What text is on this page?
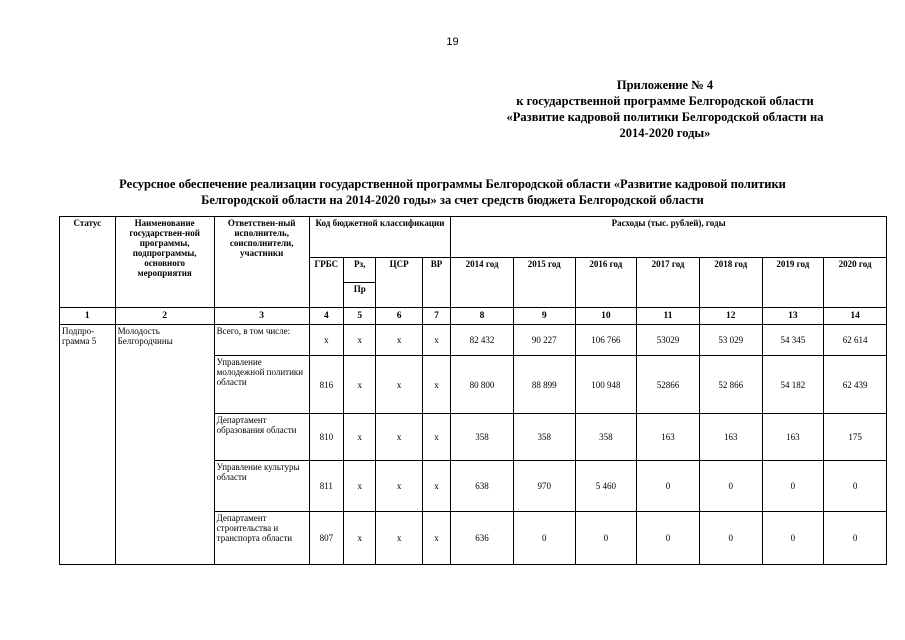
19
Приложение № 4
к государственной программе Белгородской области
«Развитие кадровой политики Белгородской области на
2014-2020 годы»
Ресурсное обеспечение реализации государственной программы Белгородской области «Развитие кадровой политики
Белгородской области на 2014-2020 годы» за счет средств бюджета Белгородской области
Статус	Наименование государствен-ной программы, подпрограммы, основного мероприятия	Ответствен-ный исполнитель, соисполнители, участники	Код бюджетной классификации				Расходы (тыс. рублей), годы						
			ГРБС	Рз,	ЦСР	ВР	2014 год	2015 год	2016 год	2017 год	2018 год	2019 год	2020 год
				Пр									
1	2	3	4	5	6	7	8	9	10	11	12	13	14
Подпро-грамма 5	Молодость Белгородчины	Всего, в том числе:	x	x	x	x	82 432	90 227	106 766	53029	53 029	54 345	62 614
		Управление молодежной политики области	816	x	x	x	80 800	88 899	100 948	52866	52 866	54 182	62 439
		Департамент образования области	810	x	x	x	358	358	358	163	163	163	175
		Управление культуры области	811	x	x	x	638	970	5 460	0	0	0	0
		Департамент строительства и транспорта области	807	x	x	x	636	0	0	0	0	0	0
